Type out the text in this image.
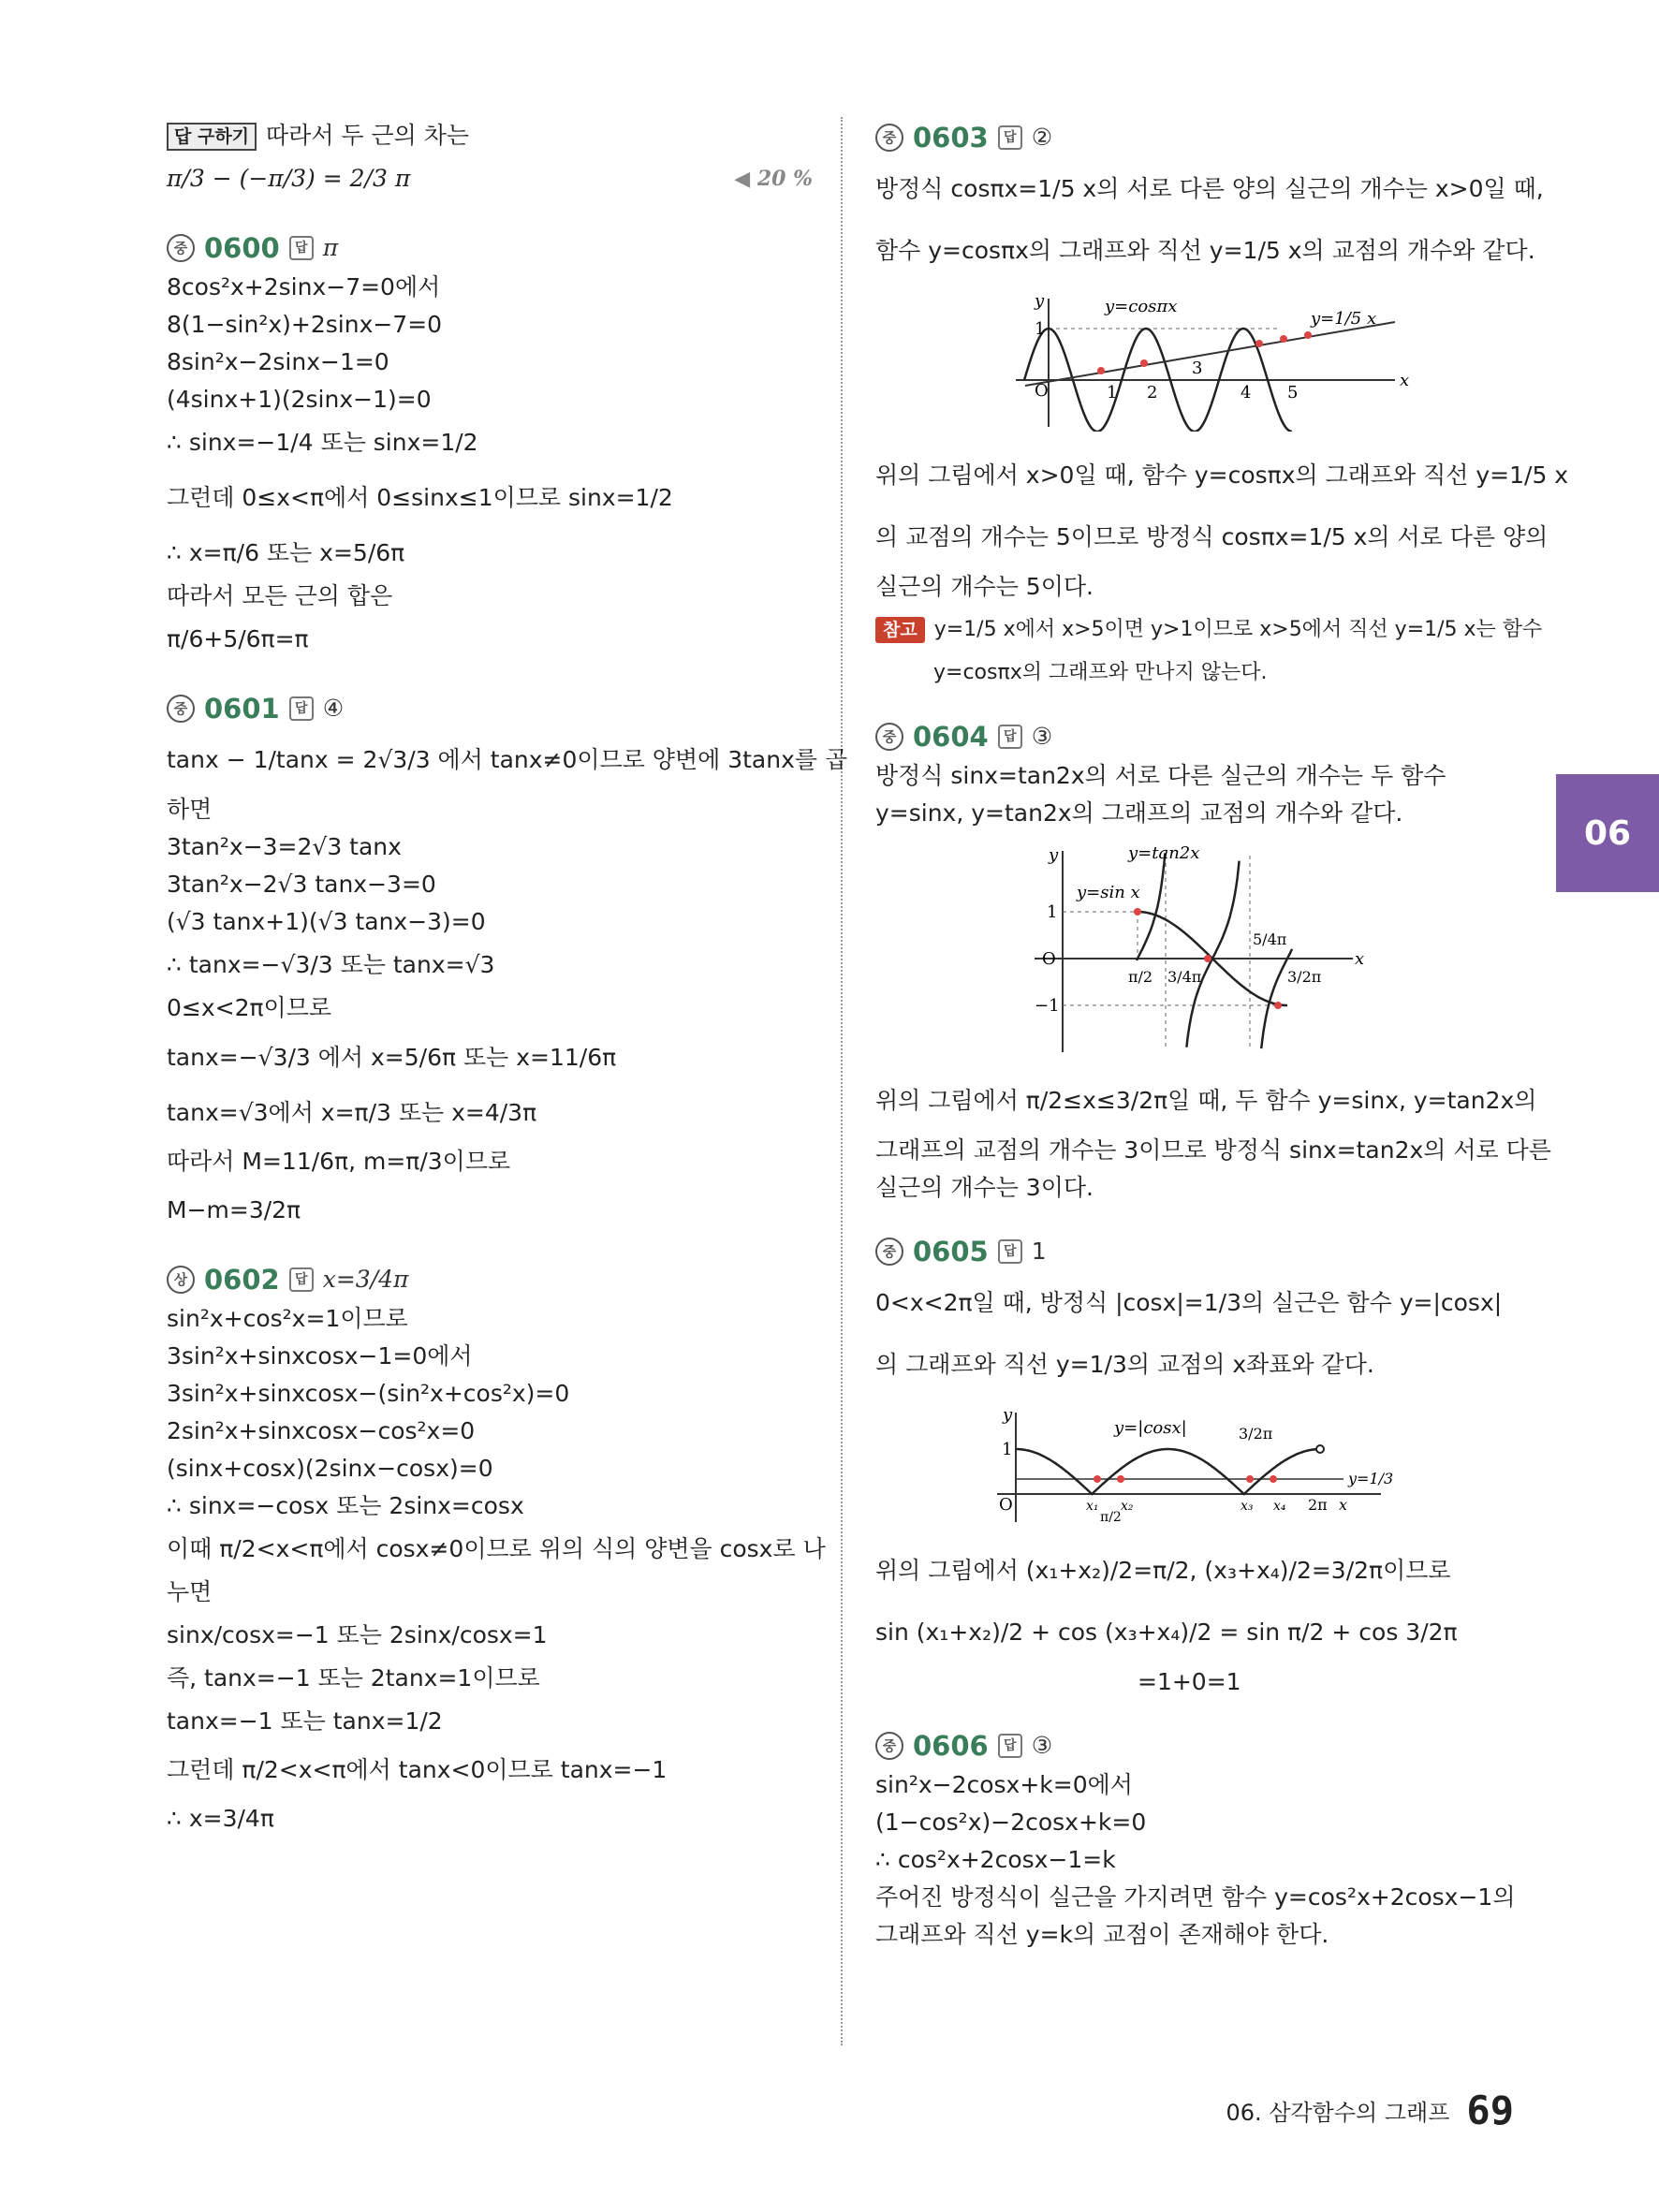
답 구하기 따라서 두 근의 차는
π/3 − (−π/3) = 2/3 π	◀ 20 %
중 0600	답 π
8cos²x+2sinx−7=0에서
8(1−sin²x)+2sinx−7=0
8sin²x−2sinx−1=0
(4sinx+1)(2sinx−1)=0
∴ sinx=−1/4 또는 sinx=1/2
그런데 0≤x<π에서 0≤sinx≤1이므로 sinx=1/2
∴ x=π/6 또는 x=5/6π
따라서 모든 근의 합은
π/6+5/6π=π
중 0601	답 ④
tanx − 1/tanx = 2√3/3 에서 tanx≠0이므로 양변에 3tanx를 곱
하면
3tan²x−3=2√3 tanx
3tan²x−2√3 tanx−3=0
(√3 tanx+1)(√3 tanx−3)=0
∴ tanx=−√3/3 또는 tanx=√3
0≤x<2π이므로
tanx=−√3/3 에서 x=5/6π 또는 x=11/6π
tanx=√3에서 x=π/3 또는 x=4/3π
따라서 M=11/6π, m=π/3이므로
M−m=3/2π
상 0602	답 x=3/4π
sin²x+cos²x=1이므로
3sin²x+sinxcosx−1=0에서
3sin²x+sinxcosx−(sin²x+cos²x)=0
2sin²x+sinxcosx−cos²x=0
(sinx+cosx)(2sinx−cosx)=0
∴ sinx=−cosx 또는 2sinx=cosx
이때 π/2<x<π에서 cosx≠0이므로 위의 식의 양변을 cosx로 나
누면
sinx/cosx=−1 또는 2sinx/cosx=1
즉, tanx=−1 또는 2tanx=1이므로
tanx=−1 또는 tanx=1/2
그런데 π/2<x<π에서 tanx<0이므로 tanx=−1
∴ x=3/4π
중 0603	답 ②
방정식 cosπx=1/5 x의 서로 다른 양의 실근의 개수는 x>0일 때,
함수 y=cosπx의 그래프와 직선 y=1/5 x의 교점의 개수와 같다.
y
x
O
1
1 2
3
4 5
y=cosπx
y=1/5 x
위의 그림에서 x>0일 때, 함수 y=cosπx의 그래프와 직선 y=1/5 x
의 교점의 개수는 5이므로 방정식 cosπx=1/5 x의 서로 다른 양의
실근의 개수는 5이다.
참고 y=1/5 x에서 x>5이면 y>1이므로 x>5에서 직선 y=1/5 x는 함수
y=cosπx의 그래프와 만나지 않는다.
중 0604	답 ③
방정식 sinx=tan2x의 서로 다른 실근의 개수는 두 함수
y=sinx, y=tan2x의 그래프의 교점의 개수와 같다.
y
x
O
1
−1
π/2 3/4π
5/4π
3/2π
y=tan2x
y=sin x
위의 그림에서 π/2≤x≤3/2π일 때, 두 함수 y=sinx, y=tan2x의
그래프의 교점의 개수는 3이므로 방정식 sinx=tan2x의 서로 다른
실근의 개수는 3이다.
중 0605	답 1
0<x<2π일 때, 방정식 |cosx|=1/3의 실근은 함수 y=|cosx|
의 그래프와 직선 y=1/3의 교점의 x좌표와 같다.
y
x
O
1
x₁
π/2
x₂	x₃ x₄ 2π
3/2π
y=|cosx|
y=1/3
위의 그림에서 (x₁+x₂)/2=π/2, (x₃+x₄)/2=3/2π이므로
sin (x₁+x₂)/2 + cos (x₃+x₄)/2 = sin π/2 + cos 3/2π
=1+0=1
중 0606	답 ③
sin²x−2cosx+k=0에서
(1−cos²x)−2cosx+k=0
∴ cos²x+2cosx−1=k
주어진 방정식이 실근을 가지려면 함수 y=cos²x+2cosx−1의
그래프와 직선 y=k의 교점이 존재해야 한다.
06
06. 삼각함수의 그래프 69
